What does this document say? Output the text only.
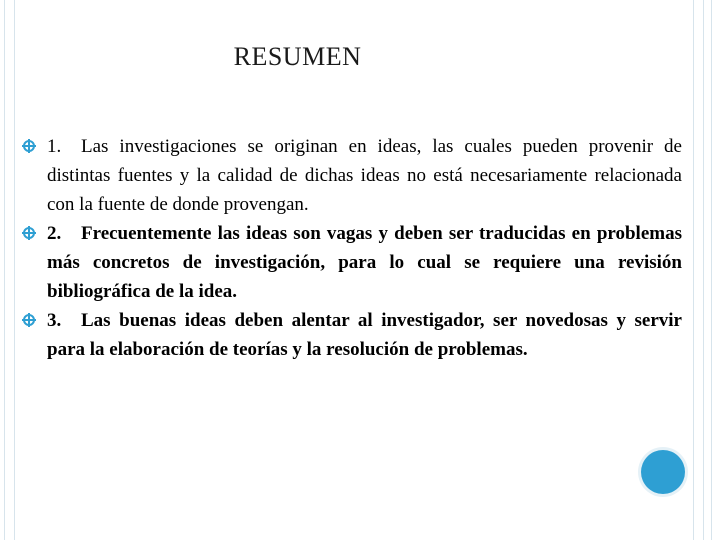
RESUMEN
1. Las investigaciones se originan en ideas, las cuales pueden provenir de distintas fuentes y la calidad de dichas ideas no está necesariamente relacionada con la fuente de donde provengan.
2. Frecuentemente las ideas son vagas y deben ser traducidas en problemas más concretos de investigación, para lo cual se requiere una revisión bibliográfica de la idea.
3. Las buenas ideas deben alentar al investigador, ser novedosas y servir para la elaboración de teorías y la resolución de problemas.
